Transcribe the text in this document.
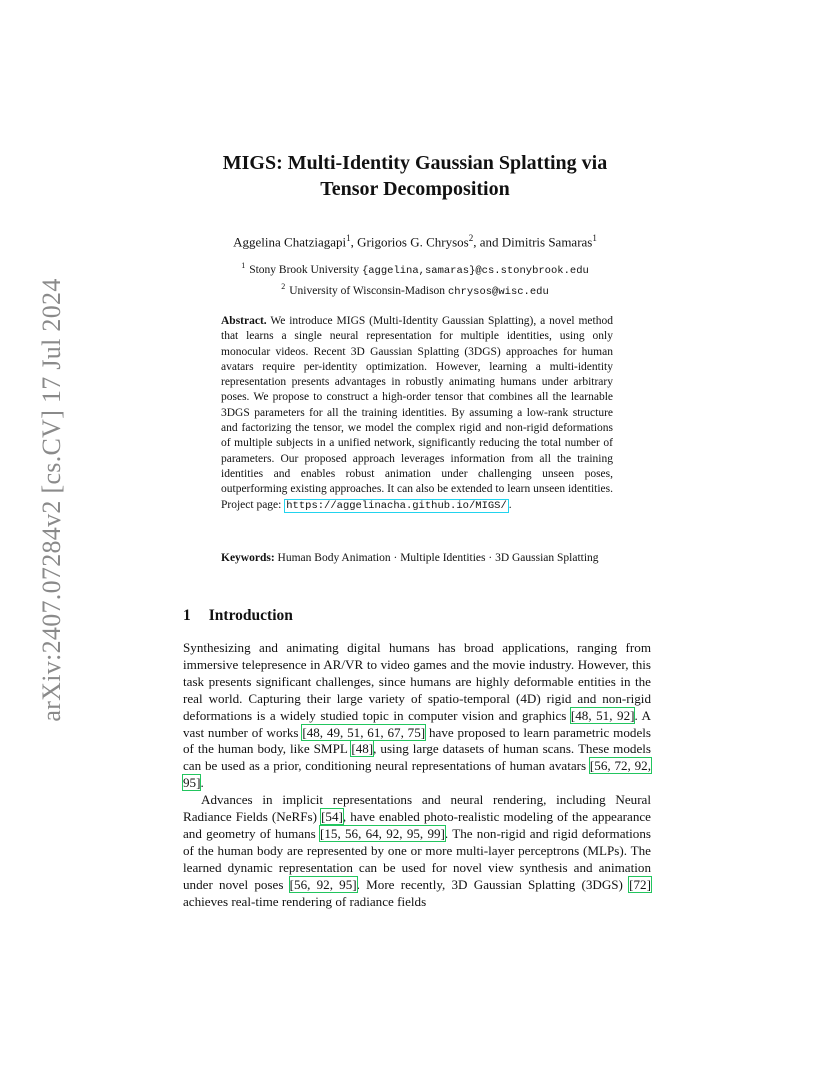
arXiv:2407.07284v2 [cs.CV] 17 Jul 2024
MIGS: Multi-Identity Gaussian Splatting via
Tensor Decomposition
Aggelina Chatziagapi$^1$, Grigorios G. Chrysos$^2$, and Dimitris Samaras$^1$
$^1$ Stony Brook University {aggelina,samaras}@cs.stonybrook.edu
$^2$ University of Wisconsin-Madison chrysos@wisc.edu
Abstract. We introduce MIGS (Multi-Identity Gaussian Splatting), a novel method that learns a single neural representation for multiple identities, using only monocular videos. Recent 3D Gaussian Splatting (3DGS) approaches for human avatars require per-identity optimization. However, learning a multi-identity representation presents advantages in robustly animating humans under arbitrary poses. We propose to construct a high-order tensor that combines all the learnable 3DGS parameters for all the training identities. By assuming a low-rank structure and factorizing the tensor, we model the complex rigid and non-rigid deformations of multiple subjects in a unified network, significantly reducing the total number of parameters. Our proposed approach leverages information from all the training identities and enables robust animation under challenging unseen poses, outperforming existing approaches. It can also be extended to learn unseen identities. Project page: https://aggelinacha.github.io/MIGS/ .
Keywords: Human Body Animation · Multiple Identities · 3D Gaussian Splatting
1 Introduction

Synthesizing and animating digital humans has broad applications, ranging from immersive telepresence in AR/VR to video games and the movie industry. However, this task presents significant challenges, since humans are highly deformable entities in the real world. Capturing their large variety of spatio-temporal (4D) rigid and non-rigid deformations is a widely studied topic in computer vision and graphics [48, 51, 92]. A vast number of works [48, 49, 51, 61, 67, 75] have proposed to learn parametric models of the human body, like SMPL [48], using large datasets of human scans. These models can be used as a prior, conditioning neural representations of human avatars [56, 72, 92, 95].

Advances in implicit representations and neural rendering, including Neural Radiance Fields (NeRFs) [54], have enabled photo-realistic modeling of the appearance and geometry of humans [15, 56, 64, 92, 95, 99]. The non-rigid and rigid deformations of the human body are represented by one or more multi-layer perceptrons (MLPs). The learned dynamic representation can be used for novel view synthesis and animation under novel poses [56, 92, 95]. More recently, 3D Gaussian Splatting (3DGS) [72] achieves real-time rendering of radiance fields
